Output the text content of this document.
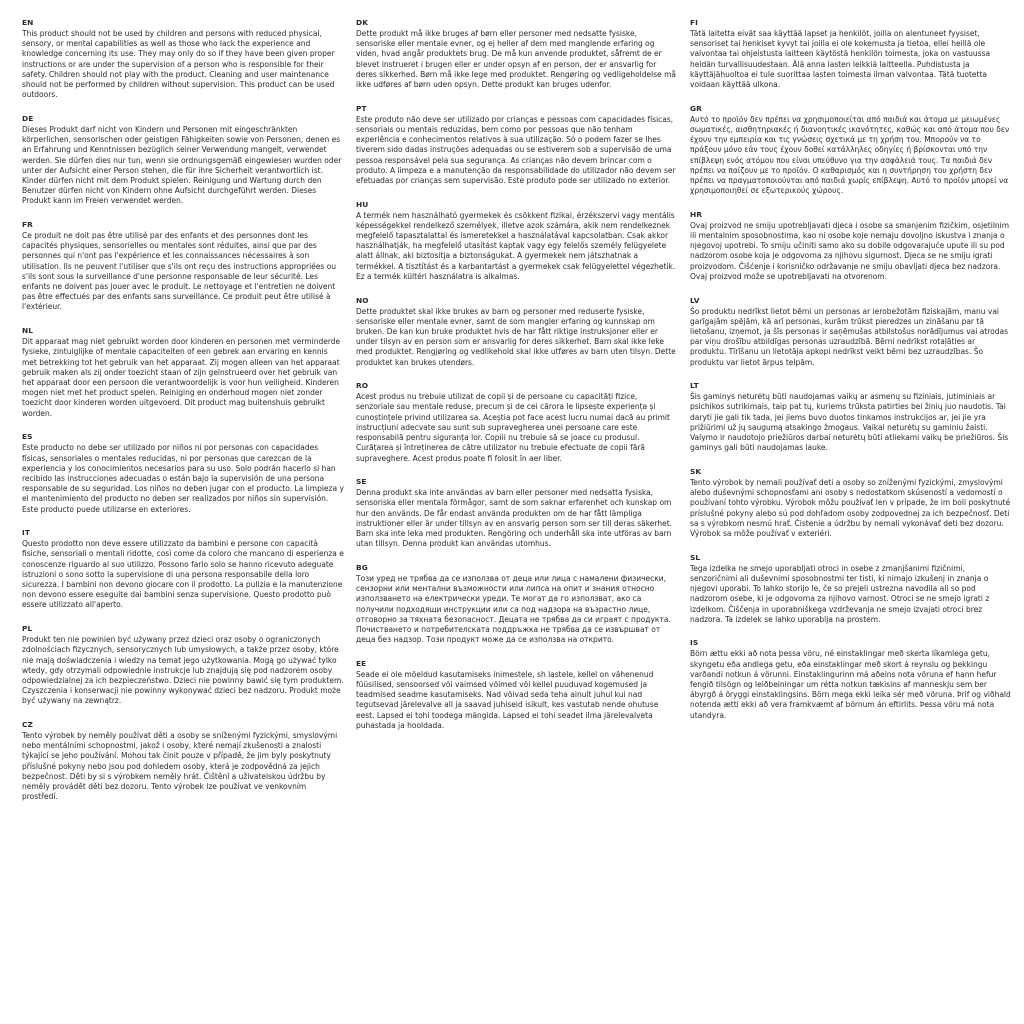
EN

This product should not be used by children and persons with reduced physical, sensory, or mental capabilities as well as those who lack the experience and knowledge concerning its use. They may only do so if they have been given proper instructions or are under the supervision of a person who is responsible for their safety. Children should not play with the product. Cleaning and user maintenance should not be performed by children without supervision. This product can be used outdoors.

DE

Dieses Produkt darf nicht von Kindern und Personen mit eingeschränkten körperlichen, sensorischen oder geistigen Fähigkeiten sowie von Personen, denen es an Erfahrung und Kenntnissen bezüglich seiner Verwendung mangelt, verwendet werden. Sie dürfen dies nur tun, wenn sie ordnungsgemäß eingewiesen wurden oder unter der Aufsicht einer Person stehen, die für ihre Sicherheit verantwortlich ist. Kinder dürfen nicht mit dem Produkt spielen. Reinigung und Wartung durch den Benutzer dürfen nicht von Kindern ohne Aufsicht durchgeführt werden. Dieses Produkt kann im Freien verwendet werden.

FR

Ce produit ne doit pas être utilisé par des enfants et des personnes dont les capacités physiques, sensorielles ou mentales sont réduites, ainsi que par des personnes qui n'ont pas l'expérience et les connaissances nécessaires à son utilisation. Ils ne peuvent l'utiliser que s'ils ont reçu des instructions appropriées ou s'ils sont sous la surveillance d'une personne responsable de leur sécurité. Les enfants ne doivent pas jouer avec le produit. Le nettoyage et l'entretien ne doivent pas être effectués par des enfants sans surveillance. Ce produit peut être utilisé à l'extérieur.

NL

Dit apparaat mag niet gebruikt worden door kinderen en personen met verminderde fysieke, zintuiglijke of mentale capaciteiten of een gebrek aan ervaring en kennis met betrekking tot het gebruik van het apparaat. Zij mogen alleen van het apparaat gebruik maken als zij onder toezicht staan of zijn geïnstrueerd over het gebruik van het apparaat door een persoon die verantwoordelijk is voor hun veiligheid. Kinderen mogen niet met het product spelen. Reiniging en onderhoud mogen niet zonder toezicht door kinderen worden uitgevoerd. Dit product mag buitenshuis gebruikt worden.

ES

Este producto no debe ser utilizado por niños ni por personas con capacidades físicas, sensoriales o mentales reducidas, ni por personas que carezcan de la experiencia y los conocimientos necesarios para su uso. Solo podrán hacerlo si han recibido las instrucciones adecuadas o están bajo la supervisión de una persona responsable de su seguridad. Los niños no deben jugar con el producto. La limpieza y el mantenimiento del producto no deben ser realizados por niños sin supervisión. Este producto puede utilizarse en exteriores.

IT

Questo prodotto non deve essere utilizzato da bambini e persone con capacità fisiche, sensoriali o mentali ridotte, così come da coloro che mancano di esperienza e conoscenze riguardo al suo utilizzo. Possono farlo solo se hanno ricevuto adeguate istruzioni o sono sotto la supervisione di una persona responsabile della loro sicurezza. I bambini non devono giocare con il prodotto. La pulizia e la manutenzione non devono essere eseguite dai bambini senza supervisione. Questo prodotto può essere utilizzato all'aperto.

PL

Produkt ten nie powinien być używany przez dzieci oraz osoby o ograniczonych zdolnościach fizycznych, sensorycznych lub umysłowych, a także przez osoby, które nie mają doświadczenia i wiedzy na temat jego użytkowania. Mogą go używać tylko wtedy, gdy otrzymali odpowiednie instrukcje lub znajdują się pod nadzorem osoby odpowiedzialnej za ich bezpieczeństwo. Dzieci nie powinny bawić się tym produktem. Czyszczenia i konserwacji nie powinny wykonywać dzieci bez nadzoru. Produkt może być używany na zewnątrz.

CZ

Tento výrobek by neměly používat děti a osoby se sníženými fyzickými, smyslovými nebo mentálními schopnostmi, jakož i osoby, které nemají zkušenosti a znalosti týkající se jeho používání. Mohou tak činit pouze v případě, že jim byly poskytnuty příslušné pokyny nebo jsou pod dohledem osoby, která je zodpovědná za jejich bezpečnost. Děti by si s výrobkem neměly hrát. Čištění a uživatelskou údržbu by neměly provádět děti bez dozoru. Tento výrobek lze používat ve venkovním prostředí.

DK

Dette produkt må ikke bruges af børn eller personer med nedsatte fysiske, sensoriske eller mentale evner, og ej heller af dem med manglende erfaring og viden, hvad angår produktets brug. De må kun anvende produktet, såfremt de er blevet instrueret i brugen eller er under opsyn af en person, der er ansvarlig for deres sikkerhed. Børn må ikke lege med produktet. Rengøring og vedligeholdelse må ikke udføres af børn uden opsyn. Dette produkt kan bruges udenfor.

PT

Este produto não deve ser utilizado por crianças e pessoas com capacidades físicas, sensoriais ou mentais reduzidas, bem como por pessoas que não tenham experiência e conhecimentos relativos à sua utilização. Só o podem fazer se lhes tiverem sido dadas instruções adequadas ou se estiverem sob a supervisão de uma pessoa responsável pela sua segurança. As crianças não devem brincar com o produto. A limpeza e a manutenção da responsabilidade do utilizador não devem ser efetuadas por crianças sem supervisão. Este produto pode ser utilizado no exterior.

HU

A termék nem használható gyermekek és csökkent fizikai, érzékszervi vagy mentális képességekkel rendelkező személyek, illetve azok számára, akik nem rendelkeznek megfelelő tapasztalattal és ismeretekkel a használatával kapcsolatban. Csak akkor használhatják, ha megfelelő utasítást kaptak vagy egy felelős személy felügyelete alatt állnak, aki biztosítja a biztonságukat. A gyermekek nem játszhatnak a termékkel. A tisztítást és a karbantartást a gyermekek csak felügyelettel végezhetik. Ez a termék kültéri használatra is alkalmas.

NO

Dette produktet skal ikke brukes av barn og personer med reduserte fysiske, sensoriske eller mentale evner, samt de som mangler erfaring og kunnskap om bruken. De kan kun bruke produktet hvis de har fått riktige instruksjoner eller er under tilsyn av en person som er ansvarlig for deres sikkerhet. Barn skal ikke leke med produktet. Rengjøring og vedlikehold skal ikke utføres av barn uten tilsyn. Dette produktet kan brukes utendørs.

RO

Acest produs nu trebuie utilizat de copii și de persoane cu capacități fizice, senzoriale sau mentale reduse, precum și de cei cărora le lipsește experiența și cunoștințele privind utilizarea sa. Aceștia pot face acest lucru numai dacă au primit instrucțiuni adecvate sau sunt sub supravegherea unei persoane care este responsabilă pentru siguranța lor. Copiii nu trebuie să se joace cu produsul. Curățarea și întreținerea de către utilizator nu trebuie efectuate de copii fără supraveghere. Acest produs poate fi folosit în aer liber.

SE

Denna produkt ska inte användas av barn eller personer med nedsatta fysiska, sensoriska eller mentala förmågor, samt de som saknar erfarenhet och kunskap om hur den används. De får endast använda produkten om de har fått lämpliga instruktioner eller är under tillsyn av en ansvarig person som ser till deras säkerhet. Barn ska inte leka med produkten. Rengöring och underhåll ska inte utföras av barn utan tillsyn. Denna produkt kan användas utomhus.

BG

Този уред не трябва да се използва от деца или лица с намалени физически, сензорни или ментални възможности или липса на опит и знания относно използването на електрически уреди. Те могат да го използват, ако са получили подходящи инструкции или са под надзора на възрастно лице, отговорно за тяхната безопасност. Децата не трябва да си играят с продукта. Почистването и потребителската поддръжка не трябва да се извършват от деца без надзор. Този продукт може да се използва на открито.

EE

Seade ei ole mõeldud kasutamiseks inimestele, sh lastele, kellel on vähenenud füüsilised, sensoorsed või vaimsed võimed või kellel puuduvad kogemused ja teadmised seadme kasutamiseks. Nad võivad seda teha ainult juhul kui nad tegutsevad järelevalve all ja saavad juhiseid isikult, kes vastutab nende ohutuse eest. Lapsed ei tohi toodega mängida. Lapsed ei tohi seadet ilma järelevalveta puhastada ja hooldada.

FI

Tätä laitetta eivät saa käyttää lapset ja henkilöt, joilla on alentuneet fyysiset, sensoriset tai henkiset kyvyt tai joilla ei ole kokemusta ja tietoa, ellei heillä ole valvontaa tai ohjeistusta laitteen käytöstä henkilön toimesta, joka on vastuussa heidän turvallisuudestaan. Älä anna lasten leikkiä laitteella. Puhdistusta ja käyttäjähuoltoa ei tule suorittaa lasten toimesta ilman valvontaa. Tätä tuotetta voidaan käyttää ulkona.

GR

Αυτό το προϊόν δεν πρέπει να χρησιμοποιείται από παιδιά και άτομα με μειωμένες σωματικές, αισθητηριακές ή διανοητικές ικανότητες, καθώς και από άτομα που δεν έχουν την εμπειρία και τις γνώσεις σχετικά με τη χρήση του. Μπορούν να το πράξουν μόνο εάν τους έχουν δοθεί κατάλληλες οδηγίες ή βρίσκονται υπό την επίβλεψη ενός ατόμου που είναι υπεύθυνο για την ασφάλειά τους. Τα παιδιά δεν πρέπει να παίζουν με το προϊόν. Ο καθαρισμός και η συντήρηση του χρήστη δεν πρέπει να πραγματοποιούνται από παιδιά χωρίς επίβλεψη. Αυτό το προϊόν μπορεί να χρησιμοποιηθεί σε εξωτερικούς χώρους.

HR

Ovaj proizvod ne smiju upotrebljavati djeca i osobe sa smanjenim fizičkim, osjetilnim ili mentalnim sposobnostima, kao ni osobe koje nemaju dovoljno iskustva i znanja o njegovoj upotrebi. To smiju učiniti samo ako su dobile odgovarajuće upute ili su pod nadzorom osobe koja je odgovorna za njihovu sigurnost. Djeca se ne smiju igrati proizvodom. Čišćenje i korisničko održavanje ne smiju obavljati djeca bez nadzora. Ovaj proizvod može se upotrebljavati na otvorenom.

LV

Šo produktu nedrīkst lietot bērni un personas ar ierobežotām fiziskajām, manu vai garīgajām spējām, kā arī personas, kurām trūkst pieredzes un zināšanu par tā lietošanu, izņemot, ja šīs personas ir saņēmušas atbilstošus norādījumus vai atrodas par viņu drošību atbildīgas personas uzraudzībā. Bērni nedrīkst rotaļāties ar produktu. Tīrīšanu un lietotāja apkopi nedrīkst veikt bērni bez uzraudzības. Šo produktu var lietot ārpus telpām.

LT

Šis gaminys neturėtų būti naudojamas vaikų ar asmenų su fiziniais, jutiminiais ar psichikos sutrikimais, taip pat tų, kuriems trūksta patirties bei žinių juo naudotis. Tai daryti jie gali tik tada, jei jiems buvo duotos tinkamos instrukcijos ar, jei jie yra prižiūrimi už jų saugumą atsakingo žmogaus. Vaikai neturėtų su gaminiu žaisti. Valymo ir naudotojo priežiūros darbai neturėtų būti atliekami vaikų be priežiūros. Šis gaminys gali būti naudojamas lauke.

SK

Tento výrobok by nemali používať deti a osoby so zníženými fyzickými, zmyslovými alebo duševnými schopnosťami ani osoby s nedostatkom skúseností a vedomostí o používaní tohto výrobku. Výrobok môžu používať len v prípade, že im boli poskytnuté príslušné pokyny alebo sú pod dohľadom osoby zodpovednej za ich bezpečnosť. Deti sa s výrobkom nesmú hrať. Čistenie a údržbu by nemali vykonávať deti bez dozoru. Výrobok sa môže používať v exteriéri.

SL

Tega izdelka ne smejo uporabljati otroci in osebe z zmanjšanimi fizičnimi, senzoričnimi ali duševnimi sposobnostmi ter tisti, ki nimajo izkušenj in znanja o njegovi uporabi. To lahko storijo le, če so prejeli ustrezna navodila ali so pod nadzorom osebe, ki je odgovorna za njihovo varnost. Otroci se ne smejo igrati z izdelkom. Čiščenja in uporabniškega vzdrževanja ne smejo izvajati otroci brez nadzora. Ta izdelek se lahko uporablja na prostem.

IS

Börn ættu ekki að nota þessa vöru, né einstaklingar með skerta líkamlega getu, skyngetu eða andlega getu, eða einstaklingar með skort á reynslu og þekkingu varðandi notkun á vörunni. Einstaklingurinn má aðeins nota vöruna ef hann hefur fengið tilsögn og leiðbeiningar um rétta notkun tækisins af manneskju sem ber ábyrgð á öryggi einstaklingsins. Börn mega ekki leika sér með vöruna. Þrif og viðhald notenda ætti ekki að vera framkvæmt af börnum án eftirlits. Þessa vöru má nota utandyra.
